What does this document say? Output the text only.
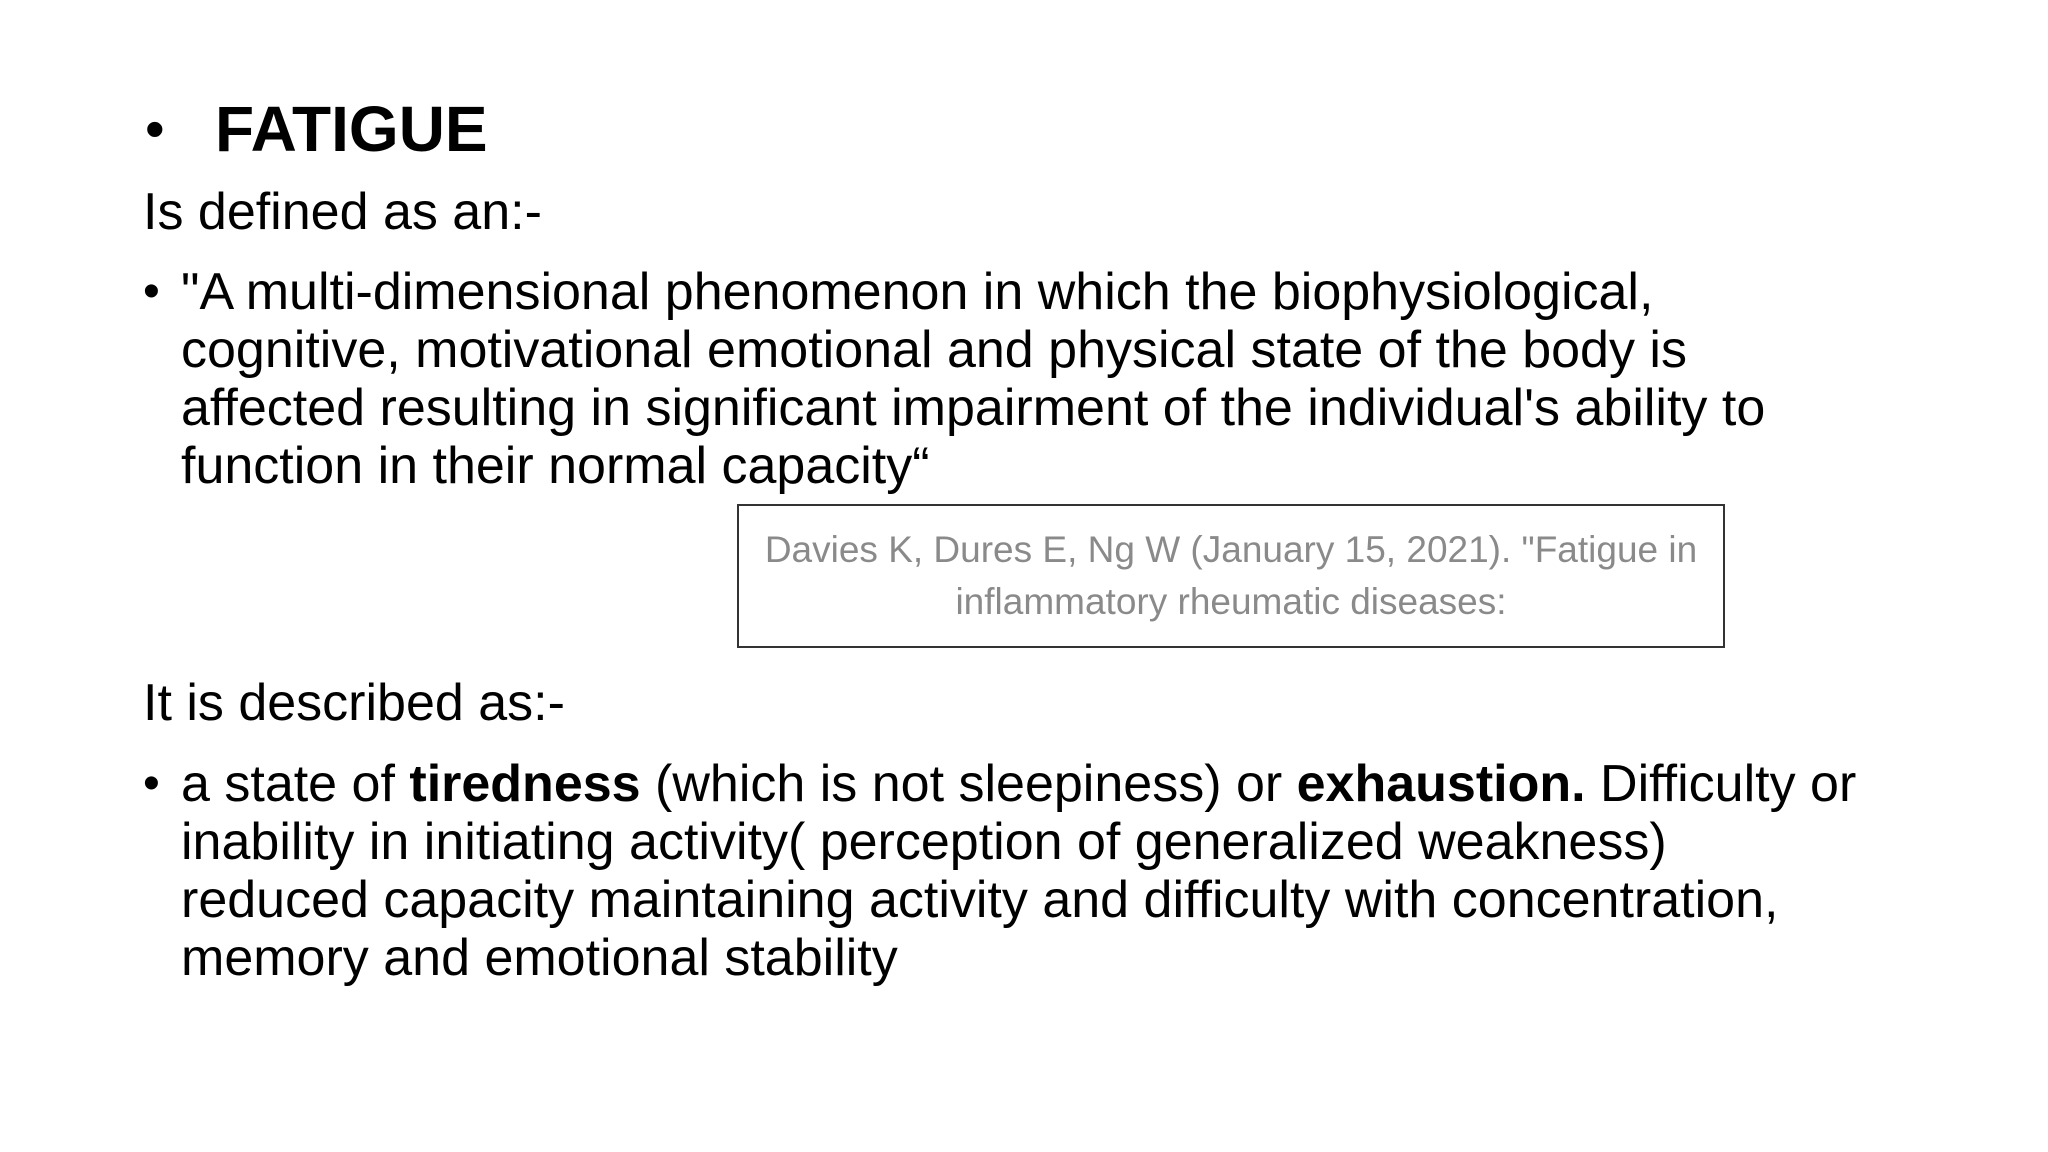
• FATIGUE
Is defined as an:-
• "A multi-dimensional phenomenon in which the biophysiological,
cognitive, motivational emotional and physical state of the body is
affected resulting in significant impairment of the individual's ability to
function in their normal capacity“
Davies K, Dures E, Ng W (January 15, 2021). "Fatigue in
inflammatory rheumatic diseases:
It is described as:-
• a state of tiredness (which is not sleepiness) or exhaustion. Difficulty or
inability in initiating activity( perception of generalized weakness)
reduced capacity maintaining activity and difficulty with concentration,
memory and emotional stability
